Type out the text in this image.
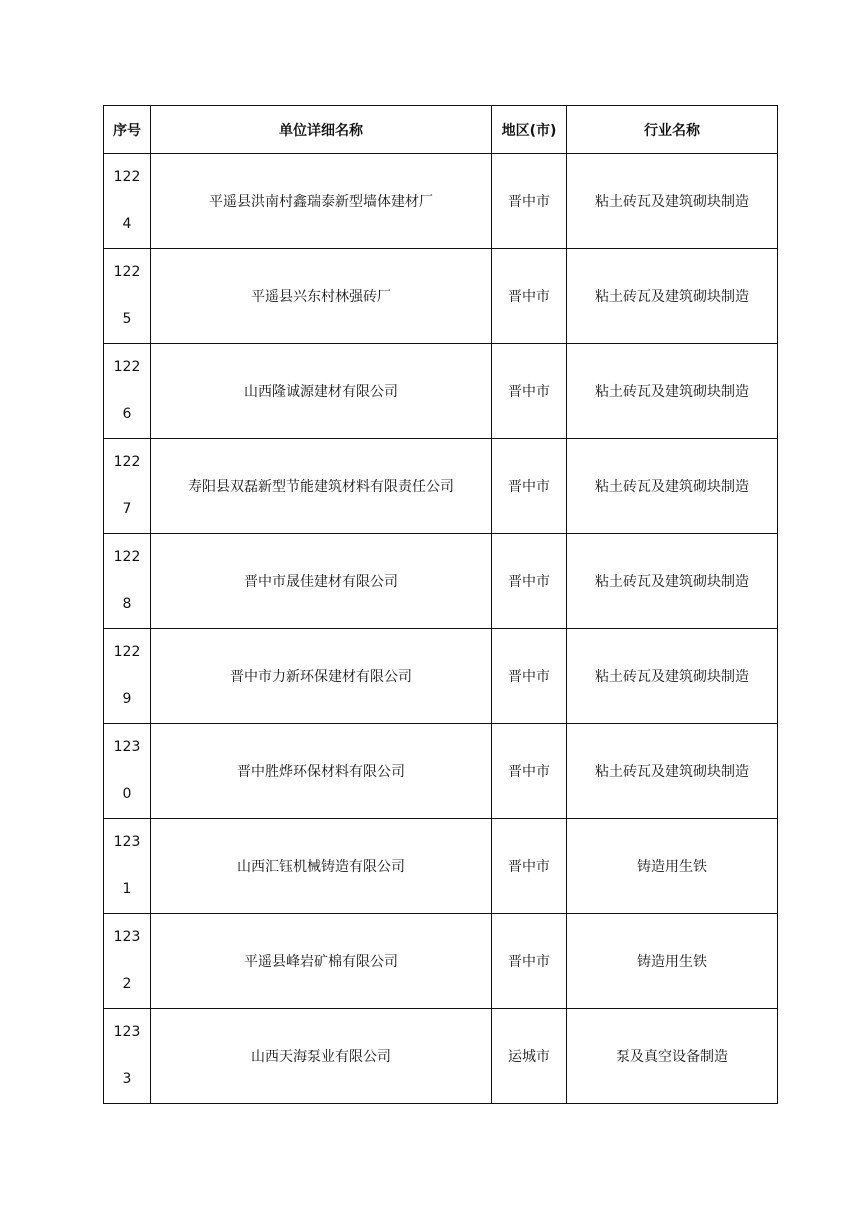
序号	单位详细名称	地区(市)	行业名称
1224	平遥县洪南村鑫瑞泰新型墙体建材厂	晋中市	粘土砖瓦及建筑砌块制造
1225	平遥县兴东村林强砖厂	晋中市	粘土砖瓦及建筑砌块制造
1226	山西隆诚源建材有限公司	晋中市	粘土砖瓦及建筑砌块制造
1227	寿阳县双磊新型节能建筑材料有限责任公司	晋中市	粘土砖瓦及建筑砌块制造
1228	晋中市晟佳建材有限公司	晋中市	粘土砖瓦及建筑砌块制造
1229	晋中市力新环保建材有限公司	晋中市	粘土砖瓦及建筑砌块制造
1230	晋中胜烨环保材料有限公司	晋中市	粘土砖瓦及建筑砌块制造
1231	山西汇钰机械铸造有限公司	晋中市	铸造用生铁
1232	平遥县峰岩矿棉有限公司	晋中市	铸造用生铁
1233	山西天海泵业有限公司	运城市	泵及真空设备制造
